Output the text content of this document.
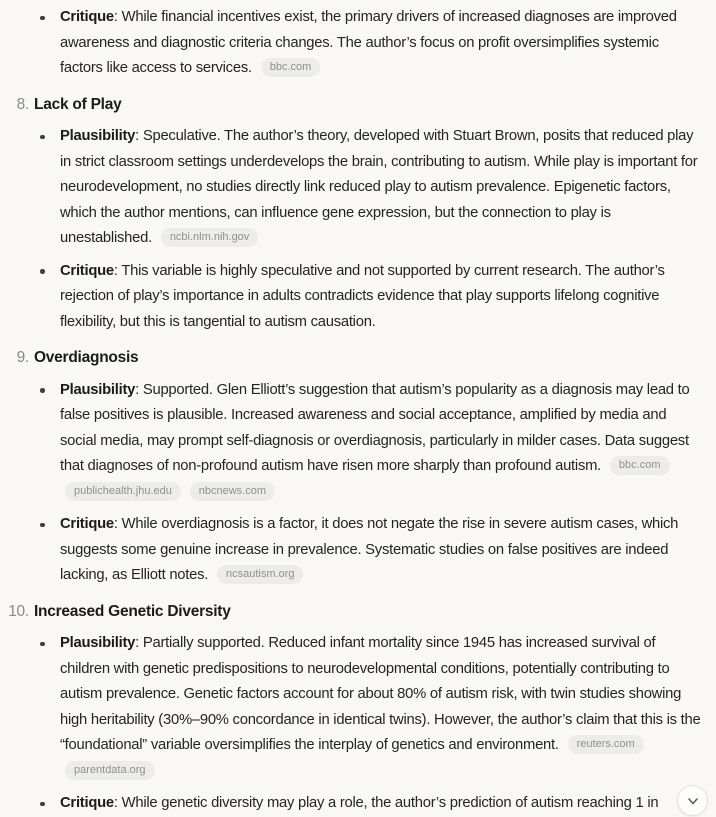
Critique: While financial incentives exist, the primary drivers of increased diagnoses are improved awareness and diagnostic criteria changes. The author’s focus on profit oversimplifies systemic factors like access to services. bbc.com
8. Lack of Play
Plausibility: Speculative. The author’s theory, developed with Stuart Brown, posits that reduced play in strict classroom settings underdevelops the brain, contributing to autism. While play is important for neurodevelopment, no studies directly link reduced play to autism prevalence. Epigenetic factors, which the author mentions, can influence gene expression, but the connection to play is unestablished. ncbi.nlm.nih.gov
Critique: This variable is highly speculative and not supported by current research. The author’s rejection of play’s importance in adults contradicts evidence that play supports lifelong cognitive flexibility, but this is tangential to autism causation.
9. Overdiagnosis
Plausibility: Supported. Glen Elliott’s suggestion that autism’s popularity as a diagnosis may lead to false positives is plausible. Increased awareness and social acceptance, amplified by media and social media, may prompt self-diagnosis or overdiagnosis, particularly in milder cases. Data suggest that diagnoses of non-profound autism have risen more sharply than profound autism. bbc.com publichealth.jhu.edu nbcnews.com
Critique: While overdiagnosis is a factor, it does not negate the rise in severe autism cases, which suggests some genuine increase in prevalence. Systematic studies on false positives are indeed lacking, as Elliott notes. ncsautism.org
10. Increased Genetic Diversity
Plausibility: Partially supported. Reduced infant mortality since 1945 has increased survival of children with genetic predispositions to neurodevelopmental conditions, potentially contributing to autism prevalence. Genetic factors account for about 80% of autism risk, with twin studies showing high heritability (30%–90% concordance in identical twins). However, the author’s claim that this is the “foundational” variable oversimplifies the interplay of genetics and environment. reuters.com parentdata.org
Critique: While genetic diversity may play a role, the author’s prediction of autism reaching 1 in
